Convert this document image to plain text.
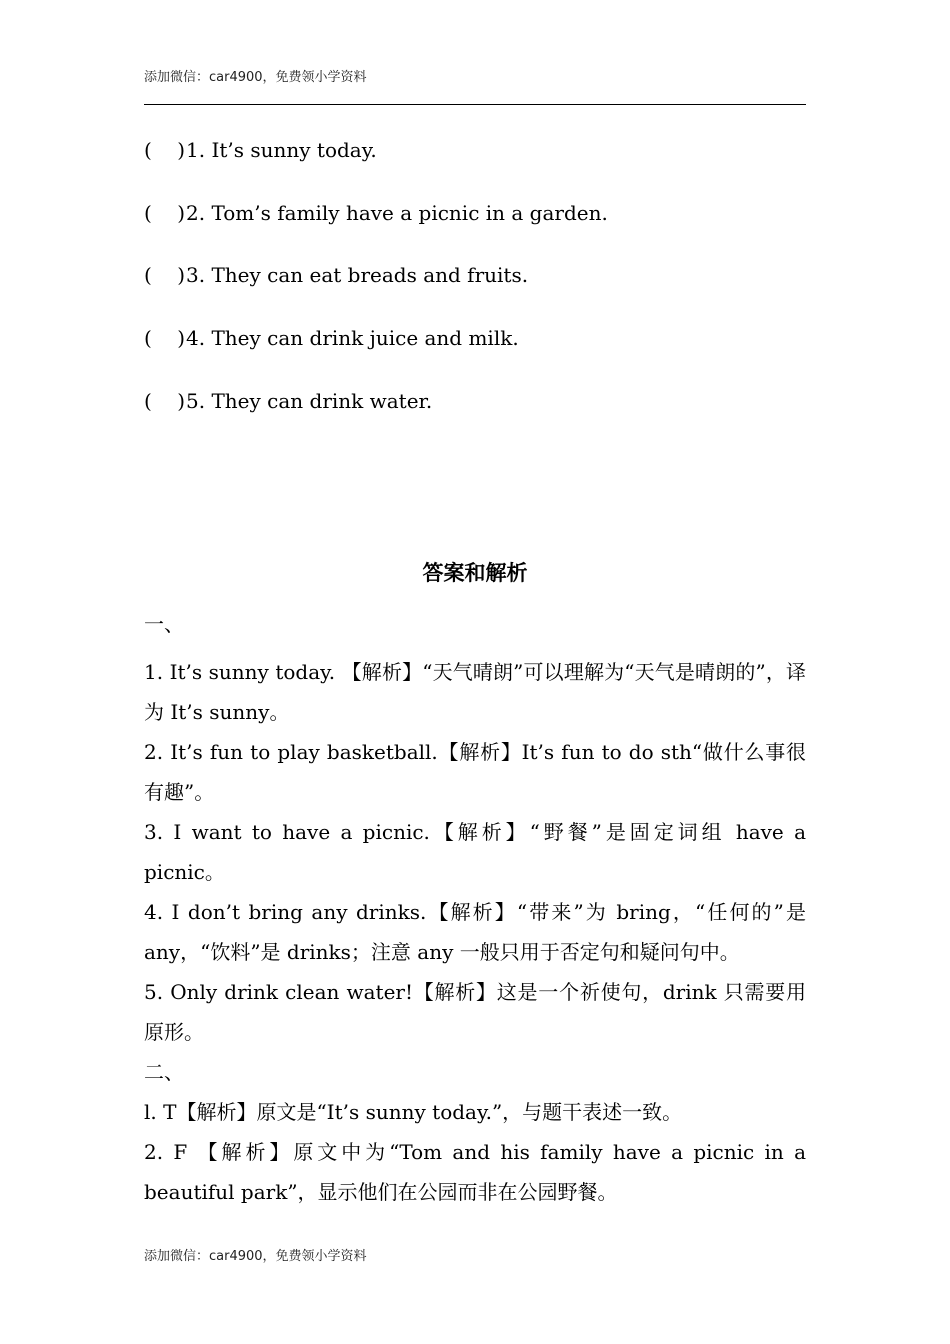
添加微信：car4900，免费领小学资料
(    )1. It’s sunny today.
(    )2. Tom’s family have a picnic in a garden.
(    )3. They can eat breads and fruits.
(    )4. They can drink juice and milk.
(    )5. They can drink water.
答案和解析
一、

1. It’s sunny today. 【解析】“天气晴朗”可以理解为“天气是晴朗的”，译为 It’s sunny。

2. It’s fun to play basketball.【解析】It’s fun to do sth“做什么事很有趣”。

3. I want to have a picnic.【解析】“野餐”是固定词组 have a picnic。

4. I don’t bring any drinks.【解析】“带来”为 bring，“任何的”是 any，“饮料”是 drinks；注意 any 一般只用于否定句和疑问句中。

5. Only drink clean water!【解析】这是一个祈使句，drink 只需要用原形。

二、

l. T【解析】原文是“It’s sunny today.”，与题干表述一致。

2. F 【解析】原文中为“Tom and his family have a picnic in a beautiful park”，显示他们在公园而非在公园野餐。

添加微信：car4900，免费领小学资料
